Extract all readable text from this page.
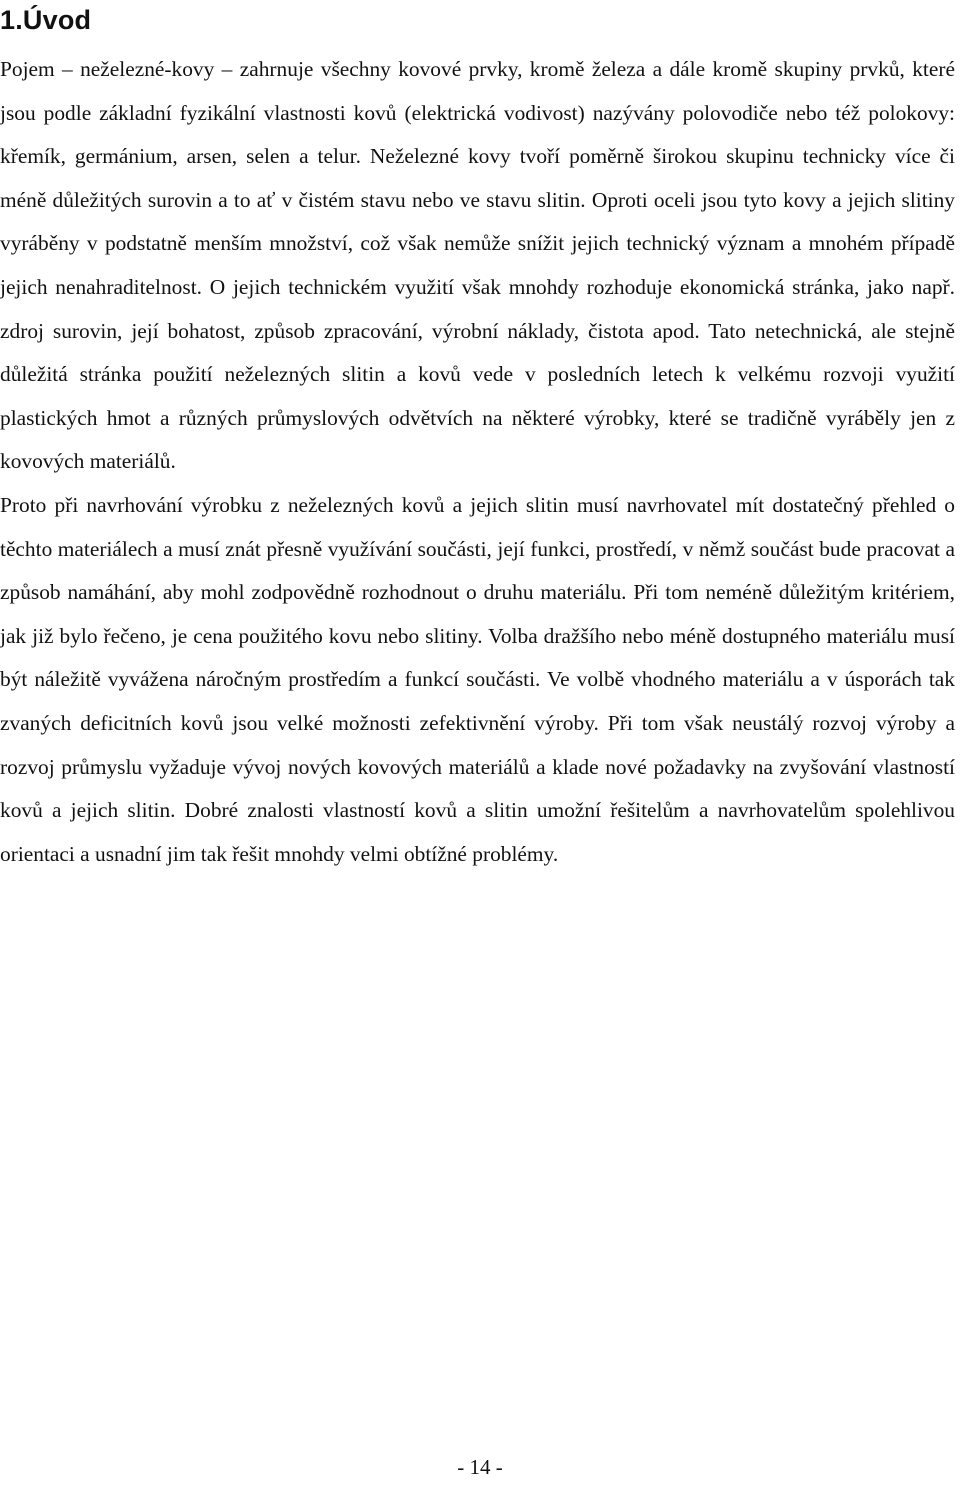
1.Úvod

Pojem – neželezné-kovy – zahrnuje všechny kovové prvky, kromě železa a dále kromě skupiny prvků, které jsou podle základní fyzikální vlastnosti kovů (elektrická vodivost) nazývány polovodiče nebo též polokovy: křemík, germánium, arsen, selen a telur. Neželezné kovy tvoří poměrně širokou skupinu technicky více či méně důležitých surovin a to ať v čistém stavu nebo ve stavu slitin. Oproti oceli jsou tyto kovy a jejich slitiny vyráběny v podstatně menším množství, což však nemůže snížit jejich technický význam a mnohém případě jejich nenahraditelnost. O jejich technickém využití však mnohdy rozhoduje ekonomická stránka, jako např. zdroj surovin, její bohatost, způsob zpracování, výrobní náklady, čistota apod. Tato netechnická, ale stejně důležitá stránka použití neželezných slitin a kovů vede v posledních letech k velkému rozvoji využití plastických hmot a různých průmyslových odvětvích na některé výrobky, které se tradičně vyráběly jen z kovových materiálů.

Proto při navrhování výrobku z neželezných kovů a jejich slitin musí navrhovatel mít dostatečný přehled o těchto materiálech a musí znát přesně využívání součásti, její funkci, prostředí, v němž součást bude pracovat a způsob namáhání, aby mohl zodpovědně rozhodnout o druhu materiálu. Při tom neméně důležitým kritériem, jak již bylo řečeno, je cena použitého kovu nebo slitiny. Volba dražšího nebo méně dostupného materiálu musí být náležitě vyvážena náročným prostředím a funkcí součásti. Ve volbě vhodného materiálu a v úsporách tak zvaných deficitních kovů jsou velké možnosti zefektivnění výroby. Při tom však neustálý rozvoj výroby a rozvoj průmyslu vyžaduje vývoj nových kovových materiálů a klade nové požadavky na zvyšování vlastností kovů a jejich slitin. Dobré znalosti vlastností kovů a slitin umožní řešitelům a navrhovatelům spolehlivou orientaci a usnadní jim tak řešit mnohdy velmi obtížné problémy.

- 14 -
